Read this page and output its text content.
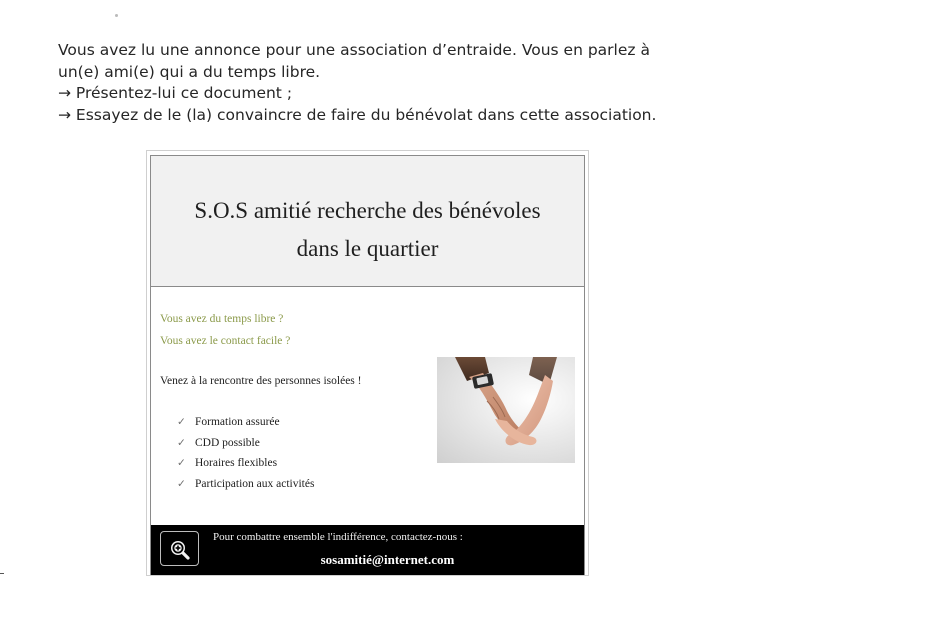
Vous avez lu une annonce pour une association d’entraide. Vous en parlez à

un(e) ami(e) qui a du temps libre.

→ Présentez-lui ce document ;

→ Essayez de le (la) convaincre de faire du bénévolat dans cette association.

S.O.S amitié recherche des bénévoles
dans le quartier
Vous avez du temps libre ?
Vous avez le contact facile ?
Venez à la rencontre des personnes isolées !
✓ Formation assurée
✓ CDD possible
✓ Horaires flexibles
✓ Participation aux activités
Pour combattre ensemble l'indifférence, contactez-nous :
sosamitié@internet.com
